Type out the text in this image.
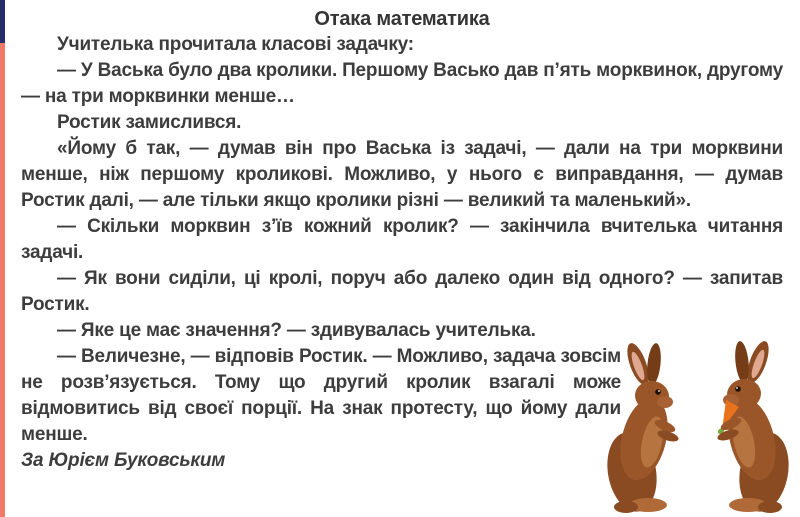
Отака математика

Учителька прочитала класові задачку:

— У Васька було два кролики. Першому Васько дав п’ять морквинок, другому — на три морквинки менше…

Ростик замислився.

«Йому б так, — думав він про Васька із задачі, — дали на три морквини менше, ніж першому кроликові. Можливо, у нього є виправдання, — думав Ростик далі, — але тільки якщо кролики різні — великий та маленький».

— Скільки морквин з’їв кожний кролик? — закінчила вчителька читання задачі.

— Як вони сиділи, ці кролі, поруч або далеко один від одного? — запитав Ростик.

— Яке це має значення? — здивувалась учителька.

— Величезне, — відповів Ростик. — Можливо, задача зовсім не розв’язується. Тому що другий кролик взагалі може відмовитись від своєї порції. На знак протесту, що йому дали менше.

За Юрієм Буковським
